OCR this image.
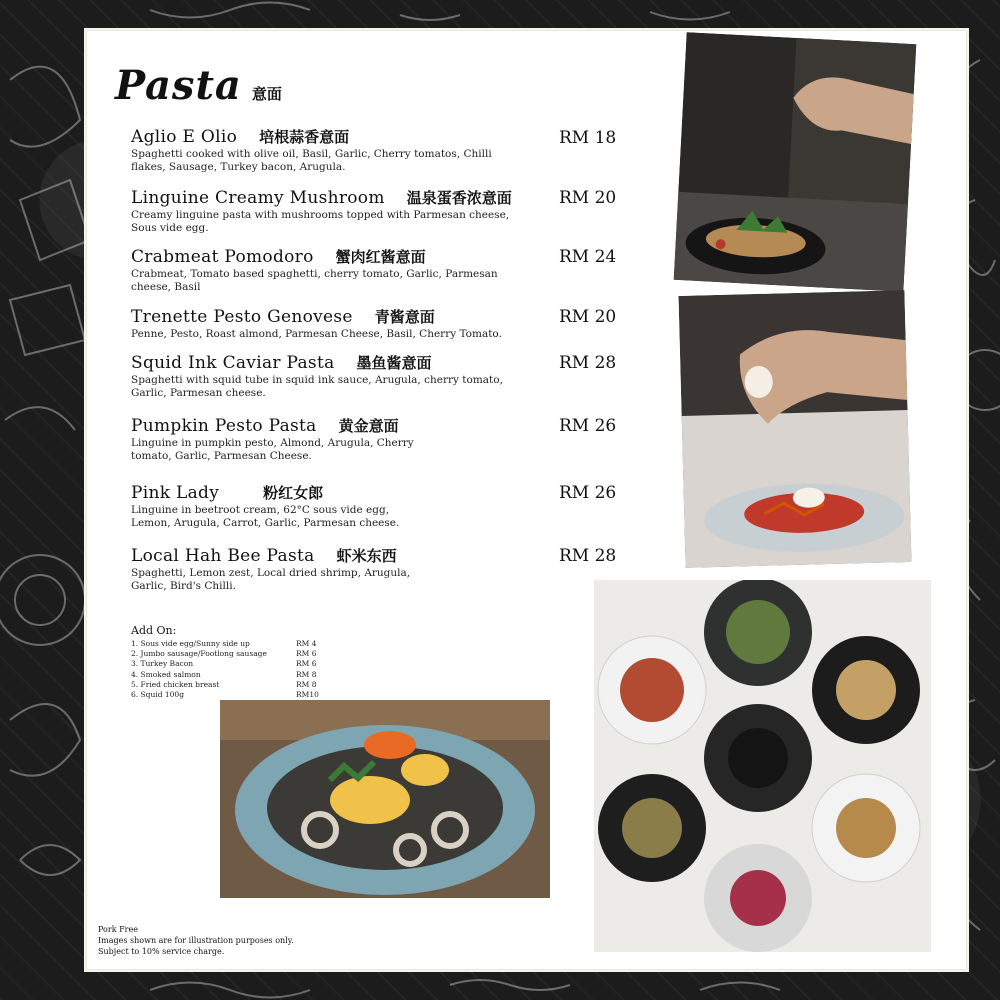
Pasta 意面
Aglio E Olio 培根蒜香意面
Spaghetti cooked with olive oil, Basil, Garlic, Cherry tomatos, Chilli flakes, Sausage, Turkey bacon, Arugula.
RM 18
Linguine Creamy Mushroom 温泉蛋香浓意面
Creamy linguine pasta with mushrooms topped with Parmesan cheese, Sous vide egg.
RM 20
Crabmeat Pomodoro 蟹肉红酱意面
Crabmeat, Tomato based spaghetti, cherry tomato, Garlic, Parmesan cheese, Basil
RM 24
Trenette Pesto Genovese 青酱意面
Penne, Pesto, Roast almond, Parmesan Cheese, Basil, Cherry Tomato.
RM 20
Squid Ink Caviar Pasta 墨鱼酱意面
Spaghetti with squid tube in squid ink sauce, Arugula, cherry tomato, Garlic, Parmesan cheese.
RM 28
Pumpkin Pesto Pasta 黄金意面
Linguine in pumpkin pesto, Almond, Arugula, Cherry tomato, Garlic, Parmesan Cheese.
RM 26
Pink Lady	粉红女郎
Linguine in beetroot cream, 62°C sous vide egg, Lemon, Arugula, Carrot, Garlic, Parmesan cheese.
RM 26
Local Hah Bee Pasta 虾米东西
Spaghetti, Lemon zest, Local dried shrimp, Arugula, Garlic, Bird's Chilli.
RM 28
Add On:
1. Sous vide egg/Sunny side up	RM 4
2. Jumbo sausage/Footlong sausage	RM 6
3. Turkey Bacon	RM 6
4. Smoked salmon	RM 8
5. Fried chicken breast	RM 8
6. Squid 100g	RM10
Pork Free
Images shown are for illustration purposes only.
Subject to 10% service charge.
